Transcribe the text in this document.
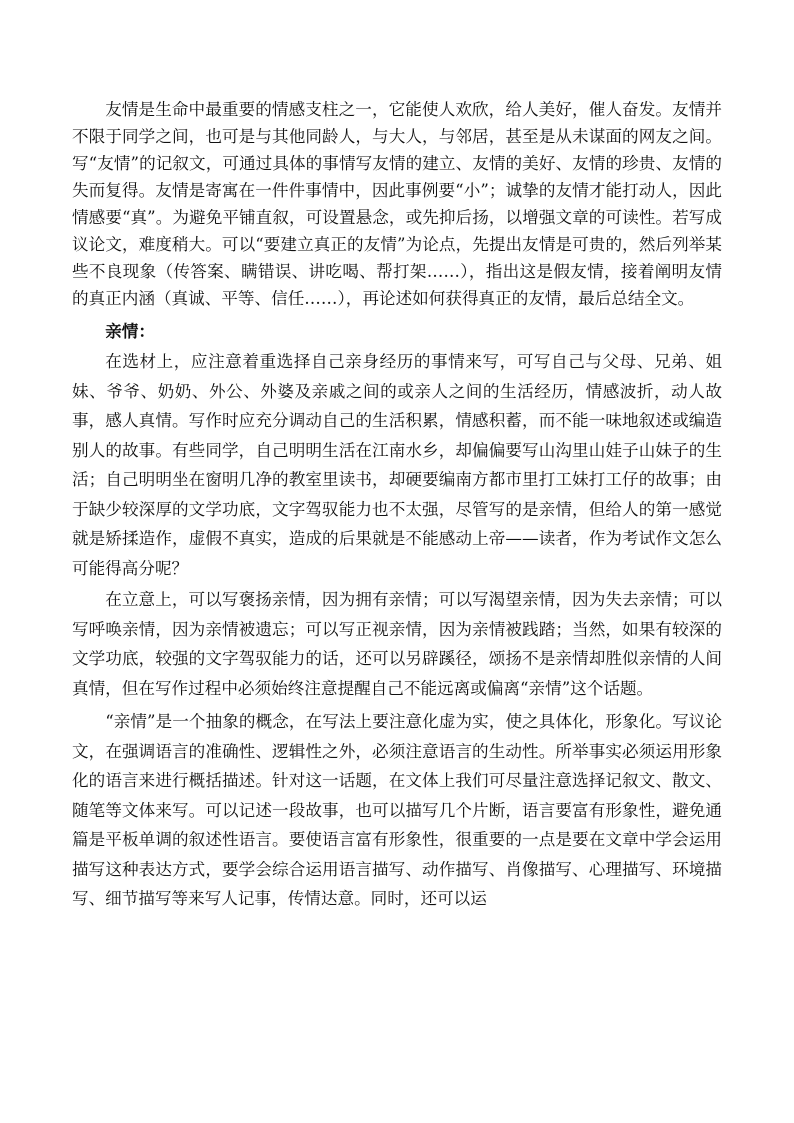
友情是生命中最重要的情感支柱之一，它能使人欢欣，给人美好，催人奋发。友情并不限于同学之间，也可是与其他同龄人，与大人，与邻居，甚至是从未谋面的网友之间。写“友情”的记叙文，可通过具体的事情写友情的建立、友情的美好、友情的珍贵、友情的失而复得。友情是寄寓在一件件事情中，因此事例要“小”；诚挚的友情才能打动人，因此情感要“真”。为避免平铺直叙，可设置悬念，或先抑后扬，以增强文章的可读性。若写成议论文，难度稍大。可以“要建立真正的友情”为论点，先提出友情是可贵的，然后列举某些不良现象（传答案、瞒错误、讲吃喝、帮打架……），指出这是假友情，接着阐明友情的真正内涵（真诚、平等、信任……），再论述如何获得真正的友情，最后总结全文。

亲情：

在选材上，应注意着重选择自己亲身经历的事情来写，可写自己与父母、兄弟、姐妹、爷爷、奶奶、外公、外婆及亲戚之间的或亲人之间的生活经历，情感波折，动人故事，感人真情。写作时应充分调动自己的生活积累，情感积蓄，而不能一味地叙述或编造别人的故事。有些同学，自己明明生活在江南水乡，却偏偏要写山沟里山娃子山妹子的生活；自己明明坐在窗明几净的教室里读书，却硬要编南方都市里打工妹打工仔的故事；由于缺少较深厚的文学功底，文字驾驭能力也不太强，尽管写的是亲情，但给人的第一感觉就是矫揉造作，虚假不真实，造成的后果就是不能感动上帝——读者，作为考试作文怎么可能得高分呢？

在立意上，可以写褒扬亲情，因为拥有亲情；可以写渴望亲情，因为失去亲情；可以写呼唤亲情，因为亲情被遗忘；可以写正视亲情，因为亲情被践踏；当然，如果有较深的文学功底，较强的文字驾驭能力的话，还可以另辟蹊径，颂扬不是亲情却胜似亲情的人间真情，但在写作过程中必须始终注意提醒自己不能远离或偏离“亲情”这个话题。

“亲情”是一个抽象的概念，在写法上要注意化虚为实，使之具体化，形象化。写议论文，在强调语言的准确性、逻辑性之外，必须注意语言的生动性。所举事实必须运用形象化的语言来进行概括描述。针对这一话题，在文体上我们可尽量注意选择记叙文、散文、随笔等文体来写。可以记述一段故事，也可以描写几个片断，语言要富有形象性，避免通篇是平板单调的叙述性语言。要使语言富有形象性，很重要的一点是要在文章中学会运用描写这种表达方式，要学会综合运用语言描写、动作描写、肖像描写、心理描写、环境描写、细节描写等来写人记事，传情达意。同时，还可以运
